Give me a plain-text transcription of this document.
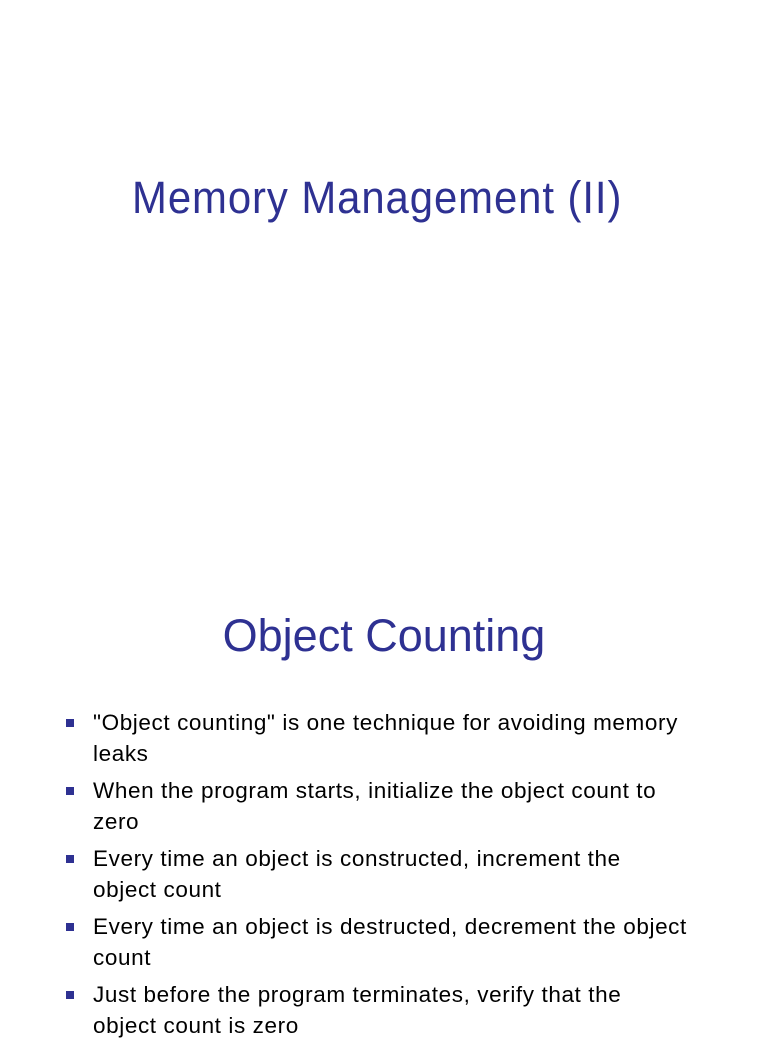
Memory Management (II)
Object Counting
"Object counting" is one technique for avoiding memory leaks
When the program starts, initialize the object count to zero
Every time an object is constructed, increment the object count
Every time an object is destructed, decrement the object count
Just before the program terminates, verify that the object count is zero
